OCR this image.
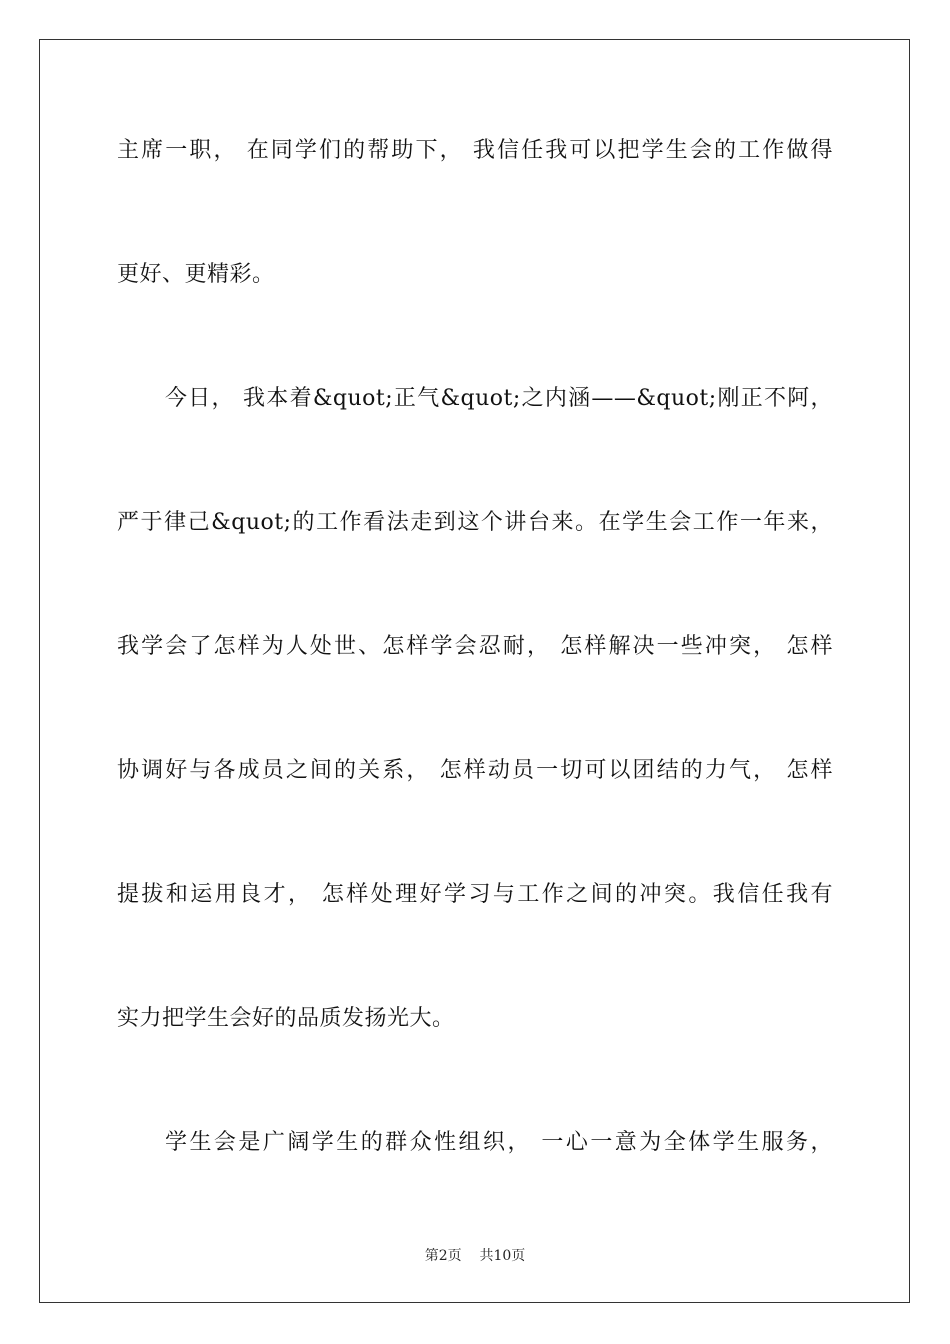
主席一职， 在同学们的帮助下， 我信任我可以把学生会的工作做得
更好、更精彩。
今日， 我本着&quot;正气&quot;之内涵——&quot;刚正不阿，
严于律己&quot;的工作看法走到这个讲台来。在学生会工作一年来，
我学会了怎样为人处世、怎样学会忍耐， 怎样解决一些冲突， 怎样
协调好与各成员之间的关系， 怎样动员一切可以团结的力气， 怎样
提拔和运用良才， 怎样处理好学习与工作之间的冲突。我信任我有
实力把学生会好的品质发扬光大。
学生会是广阔学生的群众性组织， 一心一意为全体学生服务，
第2页 共10页
